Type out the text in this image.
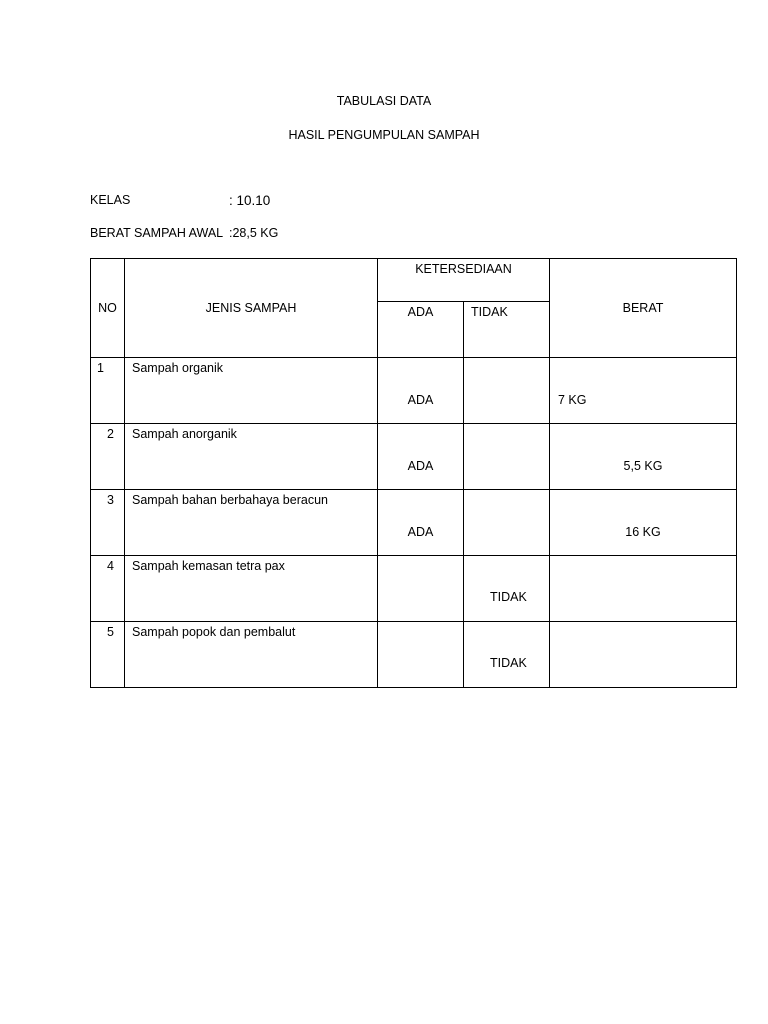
TABULASI DATA
HASIL PENGUMPULAN SAMPAH
KELAS	: 10.10
BERAT SAMPAH AWAL :28,5 KG
NO	JENIS SAMPAH	KETERSEDIAAN		BERAT
		ADA	TIDAK	
1	Sampah organik	ADA		7 KG

2	Sampah anorganik	ADA		5,5 KG

3	Sampah bahan berbahaya beracun	ADA		16 KG

4	Sampah kemasan tetra pax		TIDAK	

5	Sampah popok dan pembalut		TIDAK	
